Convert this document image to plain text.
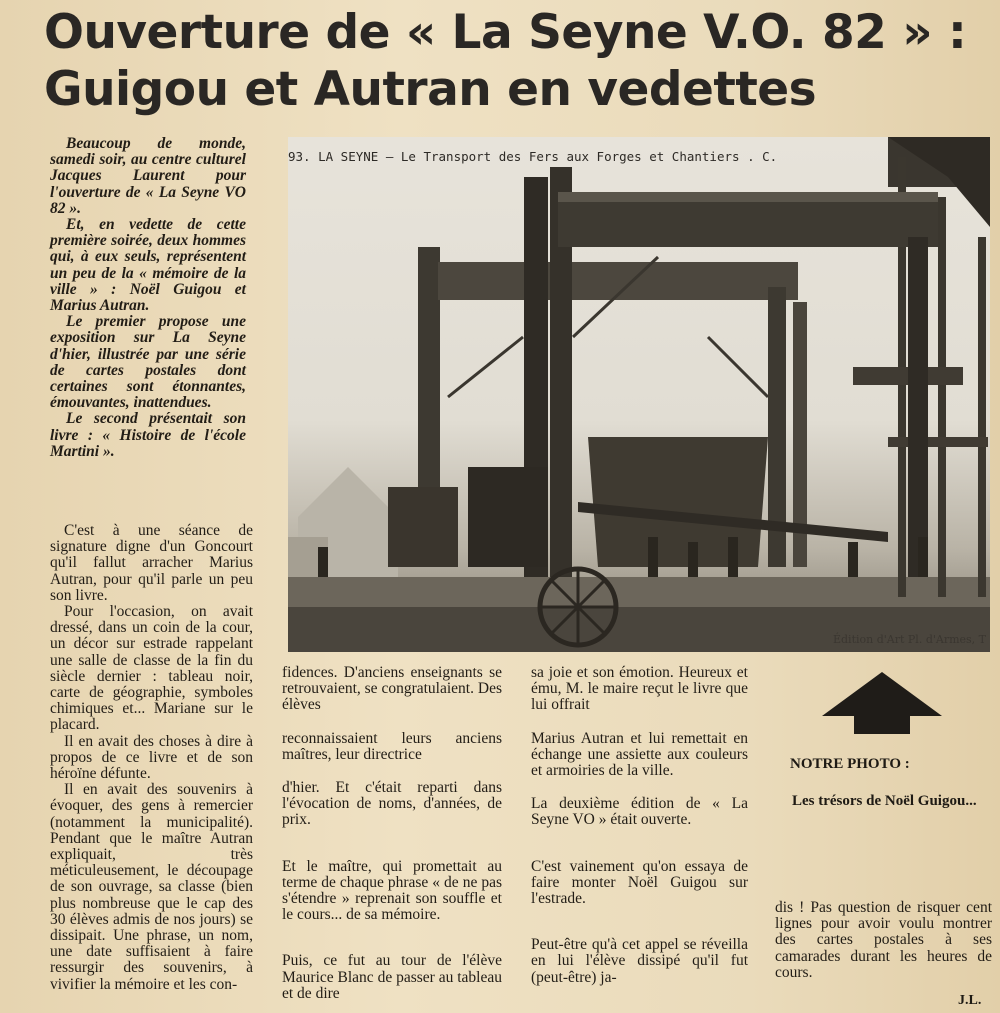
Ouverture de « La Seyne V.O. 82 » :
Guigou et Autran en vedettes

Beaucoup de monde, samedi soir, au centre culturel Jacques Laurent pour l'ouverture de « La Seyne VO 82 ».

Et, en vedette de cette première soirée, deux hommes qui, à eux seuls, représentent un peu de la « mémoire de la ville » : Noël Guigou et Marius Autran.

Le premier propose une exposition sur La Seyne d'hier, illustrée par une série de cartes postales dont certaines sont étonnantes, émouvantes, inattendues.

Le second présentait son livre : « Histoire de l'école Martini ».

93. LA SEYNE — Le Transport des Fers aux Forges et Chantiers . C.
Édition d'Art Pl. d'Armes, T

C'est à une séance de signature digne d'un Goncourt qu'il fallut arracher Marius Autran, pour qu'il parle un peu son livre.

Pour l'occasion, on avait dressé, dans un coin de la cour, un décor sur estrade rappelant une salle de classe de la fin du siècle dernier : tableau noir, carte de géographie, symboles chimiques et... Mariane sur le placard.

Il en avait des choses à dire à propos de ce livre et de son héroïne défunte.

Il en avait des souvenirs à évoquer, des gens à remercier (notamment la municipalité). Pendant que le maître Autran expliquait, très méticuleusement, le découpage de son ouvrage, sa classe (bien plus nombreuse que le cap des 30 élèves admis de nos jours) se dissipait. Une phrase, un nom, une date suffisaient à faire ressurgir des souvenirs, à vivifier la mémoire et les con-

fidences. D'anciens enseignants se retrouvaient, se congratulaient. Des élèves

reconnaissaient leurs anciens maîtres, leur directrice

d'hier. Et c'était reparti dans l'évocation de noms, d'années, de prix.

Et le maître, qui promettait au terme de chaque phrase « de ne pas s'étendre » reprenait son souffle et le cours... de sa mémoire.

Puis, ce fut au tour de l'élève Maurice Blanc de passer au tableau et de dire

sa joie et son émotion. Heureux et ému, M. le maire reçut le livre que lui offrait

Marius Autran et lui remettait en échange une assiette aux couleurs et armoiries de la ville.

La deuxième édition de « La Seyne VO » était ouverte.

C'est vainement qu'on essaya de faire monter Noël Guigou sur l'estrade.

Peut-être qu'à cet appel se réveilla en lui l'élève dissipé qu'il fut (peut-être) ja-

NOTRE PHOTO :
Les trésors de Noël Guigou...

dis ! Pas question de risquer cent lignes pour avoir voulu montrer des cartes postales à ses camarades durant les heures de cours.

J.L.
